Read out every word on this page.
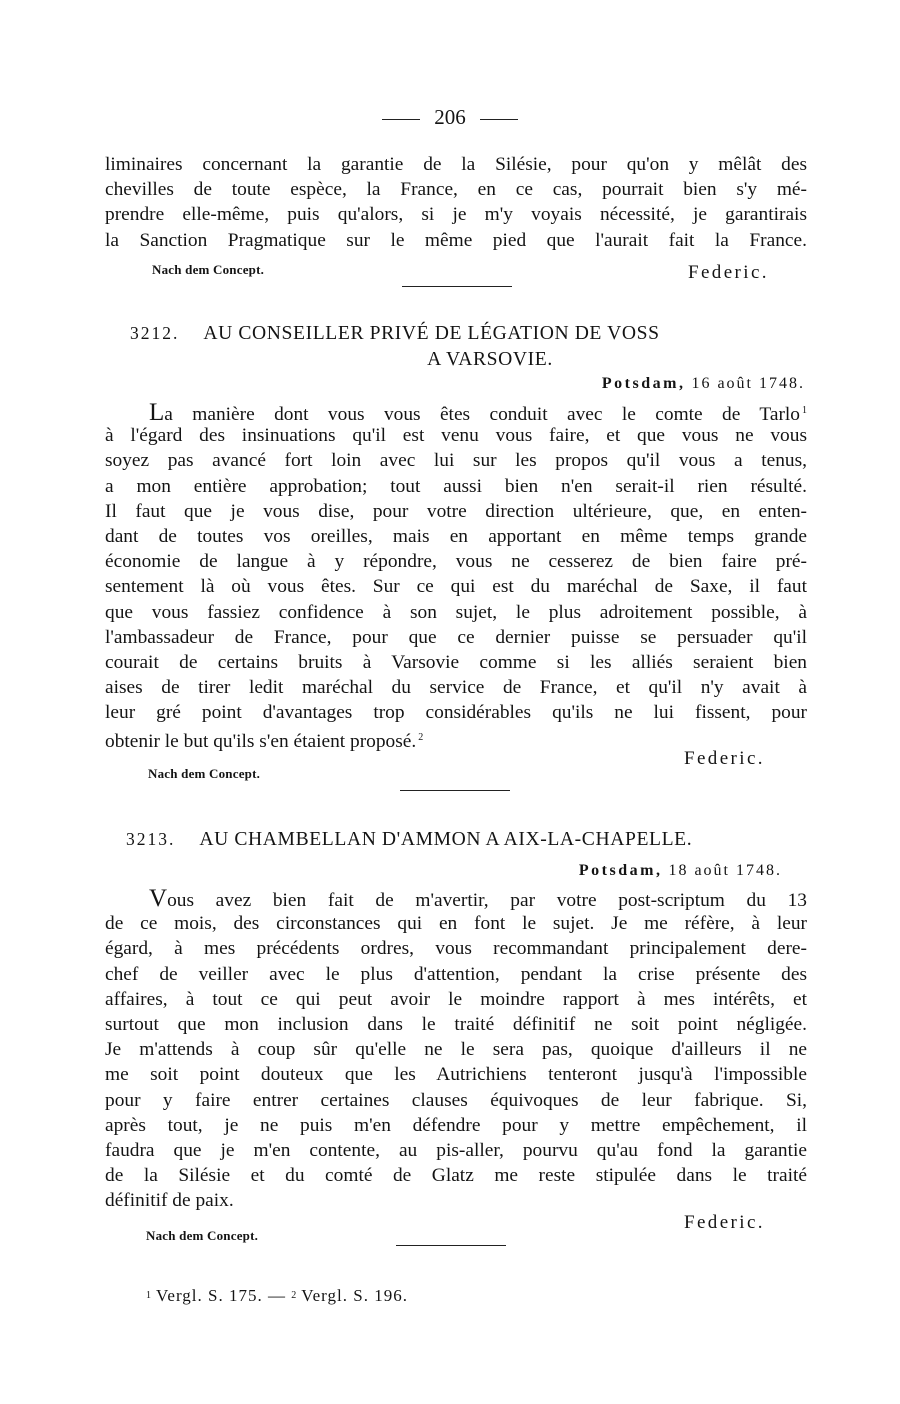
206
liminaires concernant la garantie de la Silésie, pour qu'on y mêlât des
chevilles de toute espèce, la France, en ce cas, pourrait bien s'y mé-
prendre elle-même, puis qu'alors, si je m'y voyais nécessité, je garantirais
la Sanction Pragmatique sur le même pied que l'aurait fait la France.
Nach dem Concept.	Federic.
3212. AU CONSEILLER PRIVÉ DE LÉGATION DE VOSS
A VARSOVIE.
Potsdam, 16 août 1748.
La manière dont vous vous êtes conduit avec le comte de Tarlo $^1$
à l'égard des insinuations qu'il est venu vous faire, et que vous ne vous
soyez pas avancé fort loin avec lui sur les propos qu'il vous a tenus,
a mon entière approbation; tout aussi bien n'en serait-il rien résulté.
Il faut que je vous dise, pour votre direction ultérieure, que, en enten-
dant de toutes vos oreilles, mais en apportant en même temps grande
économie de langue à y répondre, vous ne cesserez de bien faire pré-
sentement là où vous êtes. Sur ce qui est du maréchal de Saxe, il faut
que vous fassiez confidence à son sujet, le plus adroitement possible, à
l'ambassadeur de France, pour que ce dernier puisse se persuader qu'il
courait de certains bruits à Varsovie comme si les alliés seraient bien
aises de tirer ledit maréchal du service de France, et qu'il n'y avait à
leur gré point d'avantages trop considérables qu'ils ne lui fissent, pour
obtenir le but qu'ils s'en étaient proposé. $^2$
Nach dem Concept.
Federic.
3213. AU CHAMBELLAN D'AMMON A AIX-LA-CHAPELLE.
Potsdam, 18 août 1748.
Vous avez bien fait de m'avertir, par votre post-scriptum du 13
de ce mois, des circonstances qui en font le sujet. Je me réfère, à leur
égard, à mes précédents ordres, vous recommandant principalement dere-
chef de veiller avec le plus d'attention, pendant la crise présente des
affaires, à tout ce qui peut avoir le moindre rapport à mes intérêts, et
surtout que mon inclusion dans le traité définitif ne soit point négligée.
Je m'attends à coup sûr qu'elle ne le sera pas, quoique d'ailleurs il ne
me soit point douteux que les Autrichiens tenteront jusqu'à l'impossible
pour y faire entrer certaines clauses équivoques de leur fabrique. Si,
après tout, je ne puis m'en défendre pour y mettre empêchement, il
faudra que je m'en contente, au pis-aller, pourvu qu'au fond la garantie
de la Silésie et du comté de Glatz me reste stipulée dans le traité
définitif de paix.
Nach dem Concept.
Federic.
$^1$ Vergl. S. 175. — $^2$ Vergl. S. 196.
